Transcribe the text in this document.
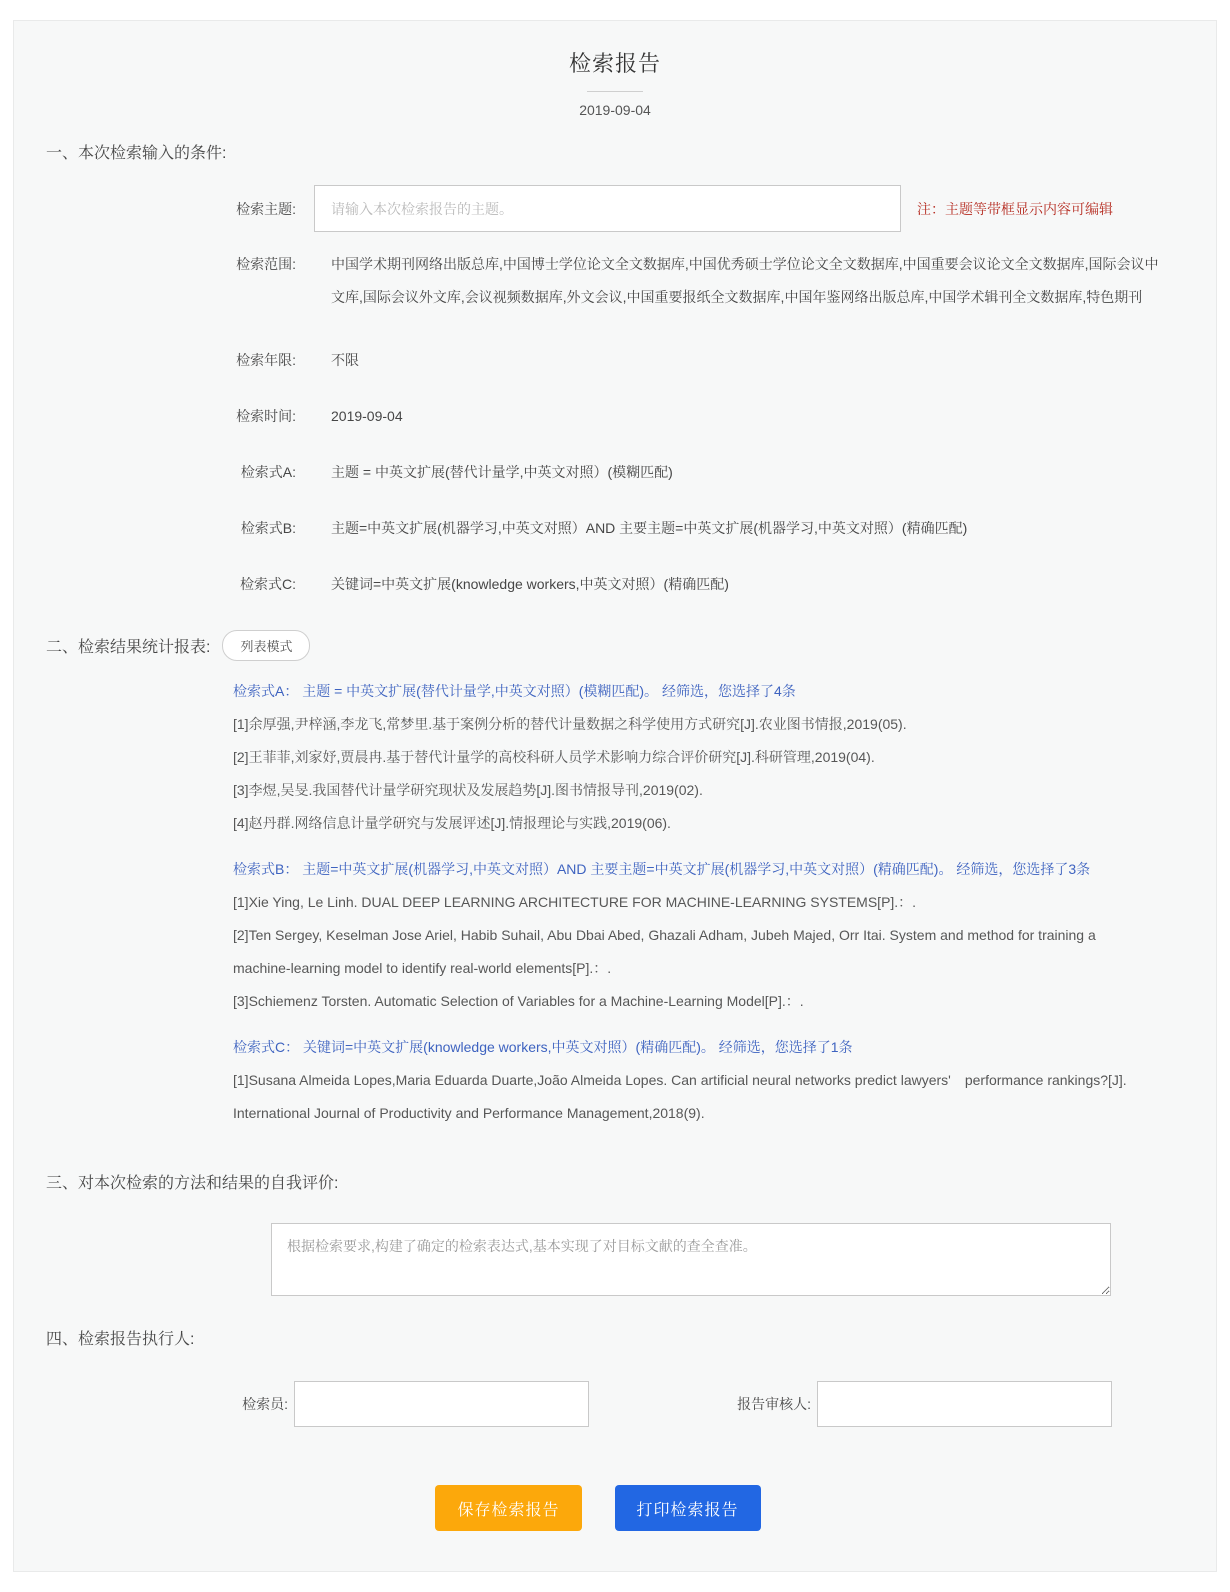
检索报告
2019-09-04
一、本次检索输入的条件:
检索主题:
请输入本次检索报告的主题。	注：主题等带框显示内容可编辑
检索范围:	中国学术期刊网络出版总库,中国博士学位论文全文数据库,中国优秀硕士学位论文全文数据库,中国重要会议论文全文数据库,国际会议中文库,国际会议外文库,会议视频数据库,外文会议,中国重要报纸全文数据库,中国年鉴网络出版总库,中国学术辑刊全文数据库,特色期刊
检索年限:	不限
检索时间:	2019-09-04
检索式A:	主题 = 中英文扩展(替代计量学,中英文对照）(模糊匹配)
检索式B:	主题=中英文扩展(机器学习,中英文对照）AND 主要主题=中英文扩展(机器学习,中英文对照）(精确匹配)
检索式C:	关键词=中英文扩展(knowledge workers,中英文对照）(精确匹配)
二、检索结果统计报表:	列表模式
检索式A： 主题 = 中英文扩展(替代计量学,中英文对照）(模糊匹配)。 经筛选，您选择了4条
[1]余厚强,尹梓涵,李龙飞,常梦里.基于案例分析的替代计量数据之科学使用方式研究[J].农业图书情报,2019(05).
[2]王菲菲,刘家妤,贾晨冉.基于替代计量学的高校科研人员学术影响力综合评价研究[J].科研管理,2019(04).
[3]李煜,吴旻.我国替代计量学研究现状及发展趋势[J].图书情报导刊,2019(02).
[4]赵丹群.网络信息计量学研究与发展评述[J].情报理论与实践,2019(06).
检索式B： 主题=中英文扩展(机器学习,中英文对照）AND 主要主题=中英文扩展(机器学习,中英文对照）(精确匹配)。 经筛选，您选择了3条
[1]Xie Ying, Le Linh. DUAL DEEP LEARNING ARCHITECTURE FOR MACHINE-LEARNING SYSTEMS[P].：.
[2]Ten Sergey, Keselman Jose Ariel, Habib Suhail, Abu Dbai Abed, Ghazali Adham, Jubeh Majed, Orr Itai. System and method for training a machine-learning model to identify real-world elements[P].：.
[3]Schiemenz Torsten. Automatic Selection of Variables for a Machine-Learning Model[P].：.
检索式C： 关键词=中英文扩展(knowledge workers,中英文对照）(精确匹配)。 经筛选，您选择了1条
[1]Susana Almeida Lopes,Maria Eduarda Duarte,João Almeida Lopes. Can artificial neural networks predict lawyers'　performance rankings?[J]. International Journal of Productivity and Performance Management,2018(9).
三、对本次检索的方法和结果的自我评价:
根据检索要求,构建了确定的检索表达式,基本实现了对目标文献的查全查准。
四、检索报告执行人:
检索员:	报告审核人:
保存检索报告	打印检索报告
